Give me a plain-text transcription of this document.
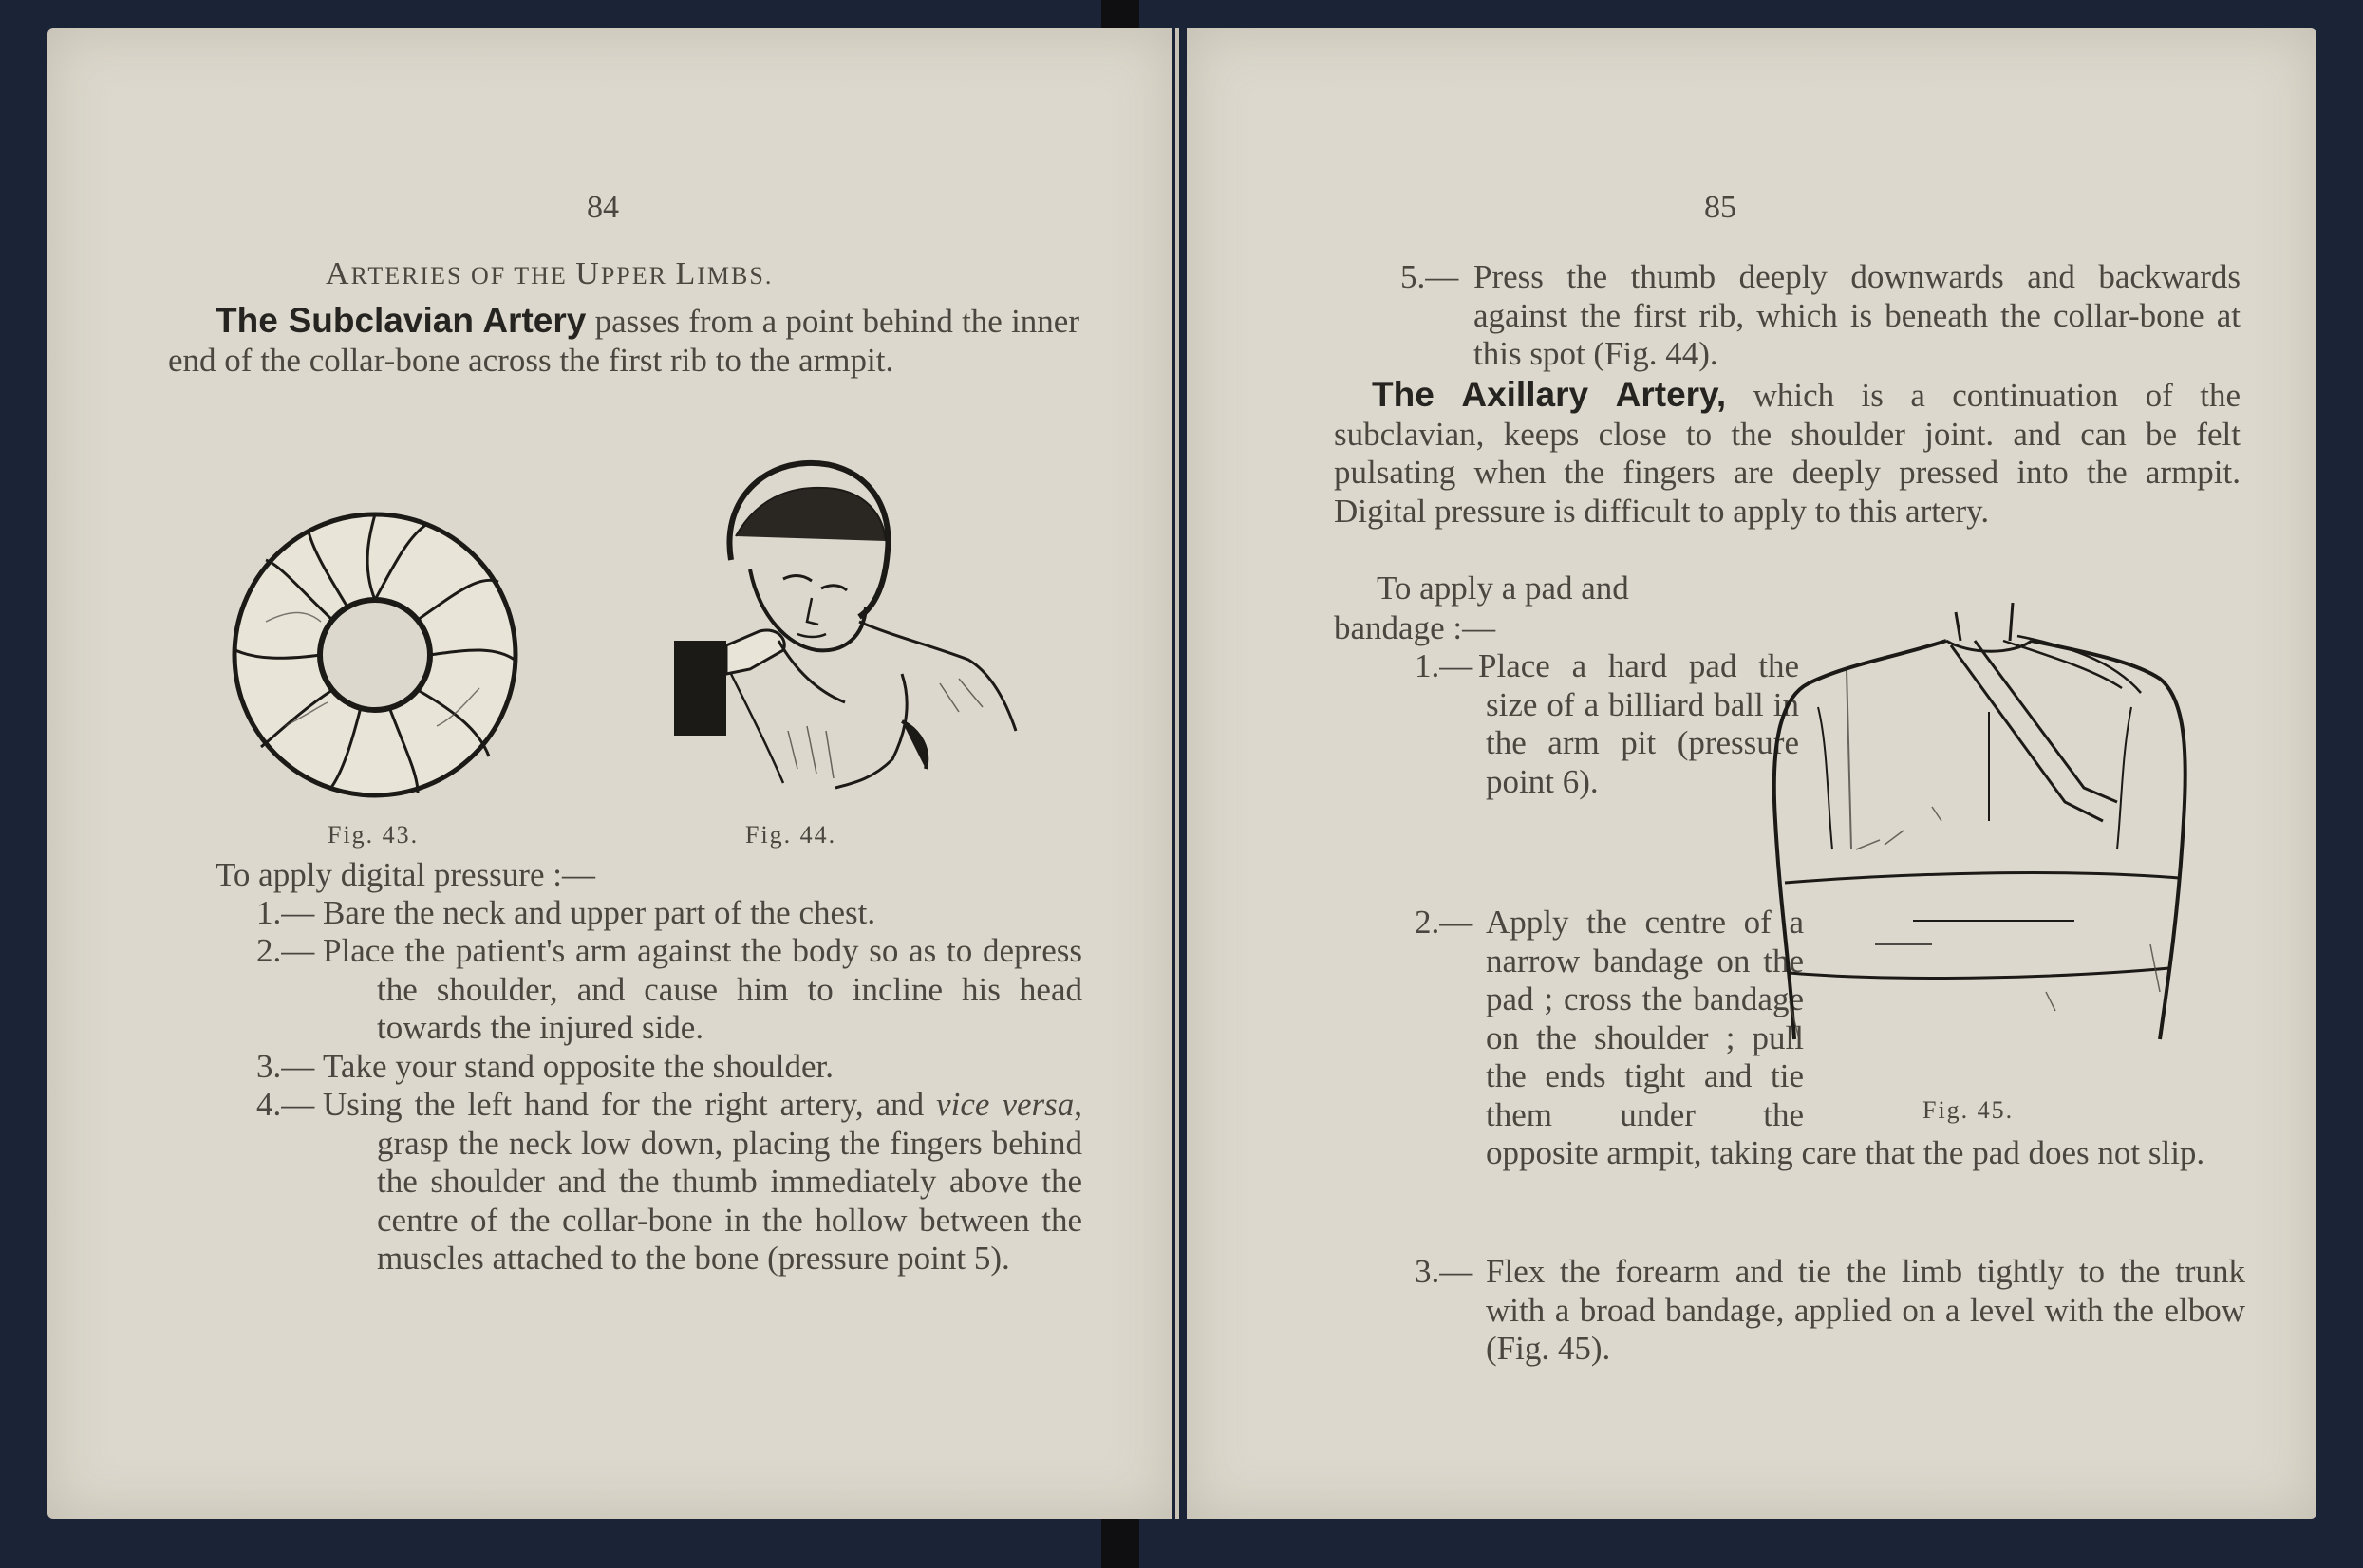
84
ARTERIES OF THE UPPER LIMBS.
The Subclavian Artery passes from a point behind the inner end of the collar-bone across the first rib to the armpit.
Fig. 43.	Fig. 44.
To apply digital pressure :—
1.— Bare the neck and upper part of the chest.
2.— Place the patient's arm against the body so as to depress the shoulder, and cause him to incline his head towards the injured side.
3.— Take your stand opposite the shoulder.
4.— Using the left hand for the right artery, and vice versa, grasp the neck low down, placing the fingers behind the shoulder and the thumb immediately above the centre of the collar-bone in the hollow between the muscles attached to the bone (pressure point 5).
85
5.— Press the thumb deeply downwards and backwards against the first rib, which is beneath the collar-bone at this spot (Fig. 44).
The Axillary Artery, which is a continuation of the subclavian, keeps close to the shoulder joint. and can be felt pulsating when the fingers are deeply pressed into the armpit. Digital pressure is difficult to apply to this artery.
To apply a pad and
bandage :—
1.— Place a hard pad the size of a billiard ball in the arm pit (pressure point 6).
2.— Apply the centre of a narrow bandage on the pad ; cross the bandage on the shoulder ; pull the ends tight and tie them under the opposite armpit, taking care that the pad does not slip.
3.— Flex the forearm and tie the limb tightly to the trunk with a broad bandage, applied on a level with the elbow (Fig. 45).
Fig. 45.
